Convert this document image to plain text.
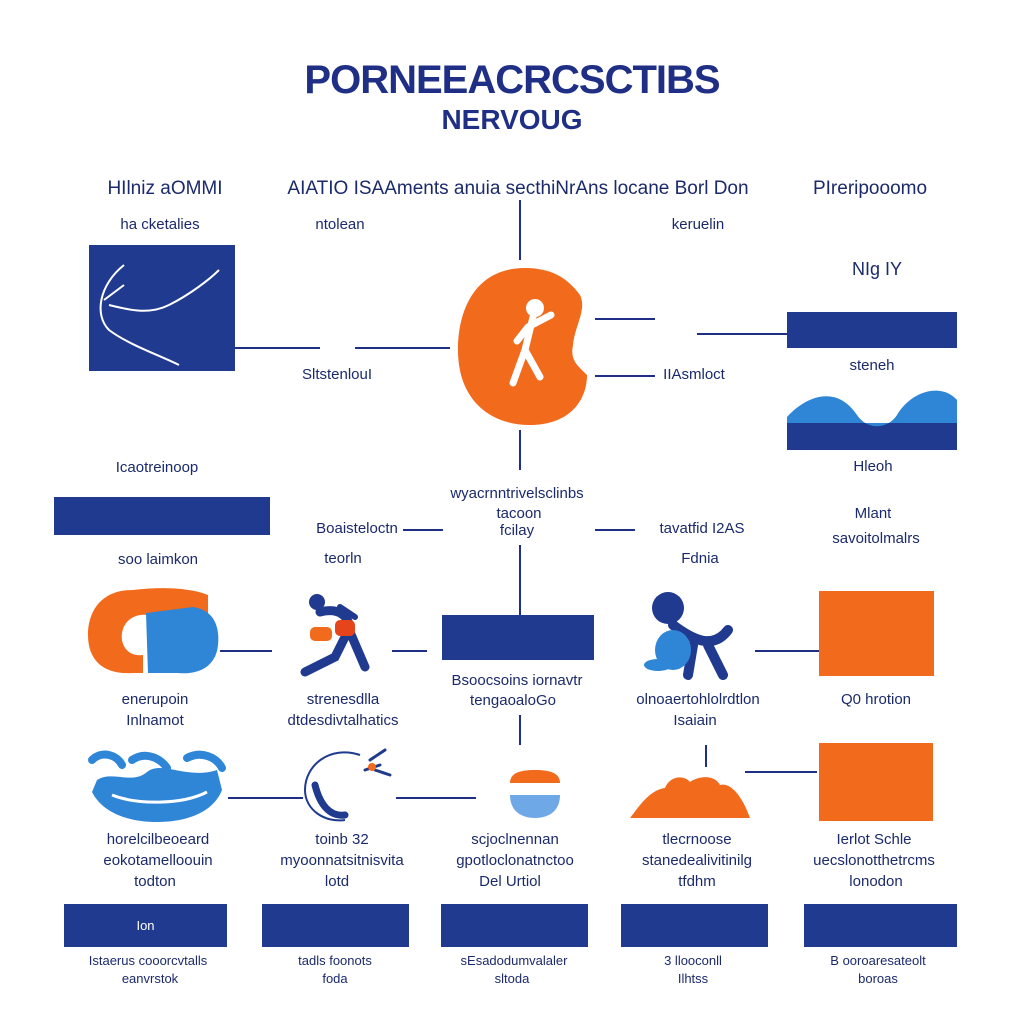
PORNEEACRCSCTIBS
NERVOUG
HIlniz aOMMI	AIATIO ISAAments anuia secthiNrAns locane Borl Don	PIreripooomo
ha cketalies	ntolean	keruelin
SltstenlouI	IIAsmloct
NIg IY
steneh
Hleoh
Icaotreinoop
soo laimkon
wyacrnntrivelsclinbs
tacoon
fcilay
Boaisteloctn
teorln
tavatfid I2AS
Fdnia
Mlant
savoitolmalrs
enerupoin
Inlnamot
strenesdlla
dtdesdivtalhatics
Bsoocsoins iornavtr
tengaoaloGo	olnoaertohlolrdtlon
Isaiain
Q0 hrotion
horelcilbeoeard
eokotamelloouin
todton
toinb 32
myoonnatsitnisvita
lotd
scjoclnennan
gpotloclonatnctoo
Del Urtiol
tlecrnoose
stanedealivitinilg
tfdhm
Ierlot Schle
uecslonotthetrcms
lonodon
Ion
Istaerus cooorcvtalls
eanvrstok
tadls foonots
foda
sEsadodumvalaler
sltoda
3 llooconll
Ilhtss
B ooroaresateolt
boroas
